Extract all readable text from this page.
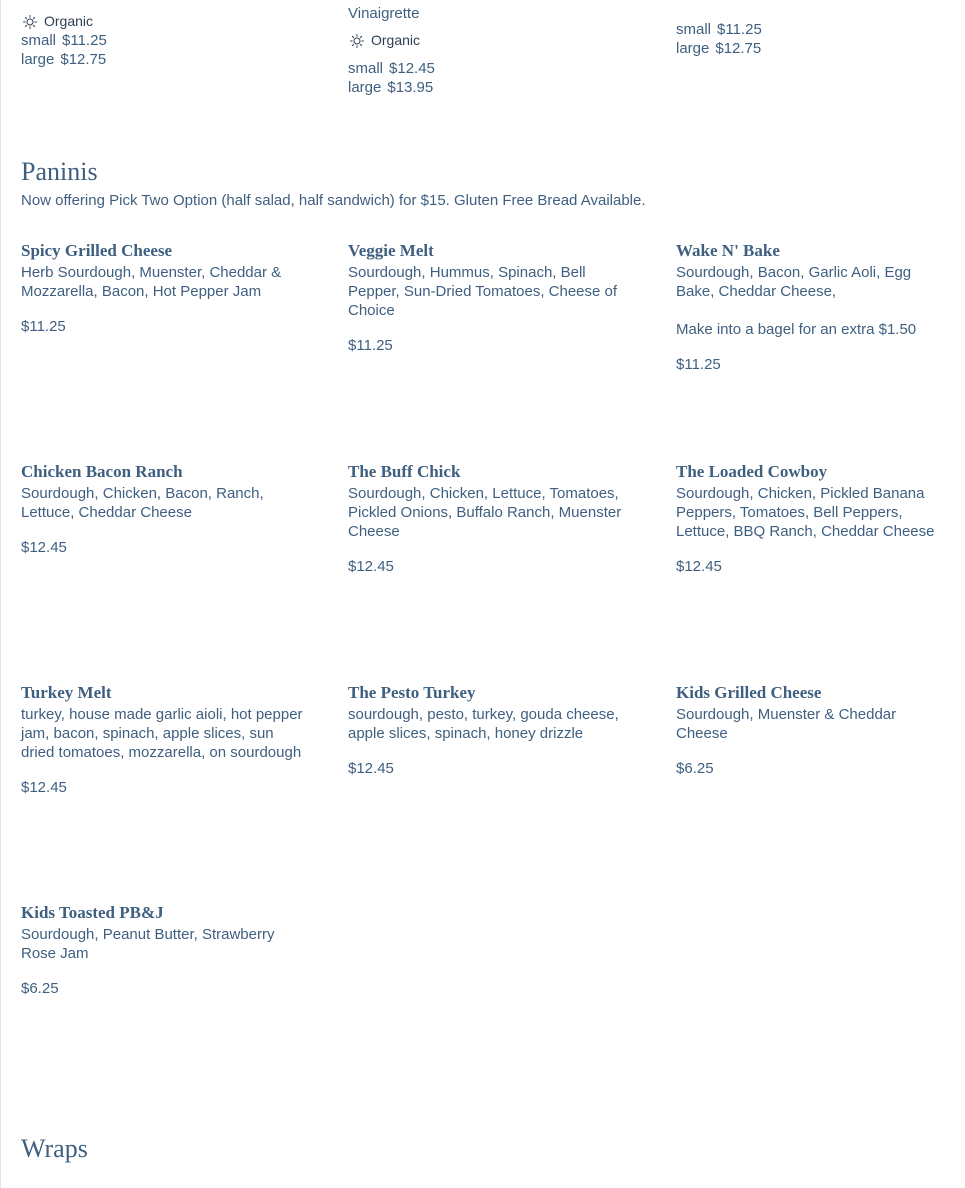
Organic
small $11.25
large $12.75
Vinaigrette
Organic
small $12.45
large $13.95
small $11.25
large $12.75
Paninis
Now offering Pick Two Option (half salad, half sandwich) for $15. Gluten Free Bread Available.
Spicy Grilled Cheese
Herb Sourdough, Muenster, Cheddar & Mozzarella, Bacon, Hot Pepper Jam
$11.25
Veggie Melt
Sourdough, Hummus, Spinach, Bell Pepper, Sun-Dried Tomatoes, Cheese of Choice
$11.25
Wake N' Bake
Sourdough, Bacon, Garlic Aoli, Egg Bake, Cheddar Cheese,
Make into a bagel for an extra $1.50
$11.25
Chicken Bacon Ranch
Sourdough, Chicken, Bacon, Ranch, Lettuce, Cheddar Cheese
$12.45
The Buff Chick
Sourdough, Chicken, Lettuce, Tomatoes, Pickled Onions, Buffalo Ranch, Muenster Cheese
$12.45
The Loaded Cowboy
Sourdough, Chicken, Pickled Banana Peppers, Tomatoes, Bell Peppers, Lettuce, BBQ Ranch, Cheddar Cheese
$12.45
Turkey Melt
turkey, house made garlic aioli, hot pepper jam, bacon, spinach, apple slices, sun dried tomatoes, mozzarella, on sourdough
$12.45
The Pesto Turkey
sourdough, pesto, turkey, gouda cheese, apple slices, spinach, honey drizzle
$12.45
Kids Grilled Cheese
Sourdough, Muenster & Cheddar Cheese
$6.25
Kids Toasted PB&J
Sourdough, Peanut Butter, Strawberry Rose Jam
$6.25
Wraps
